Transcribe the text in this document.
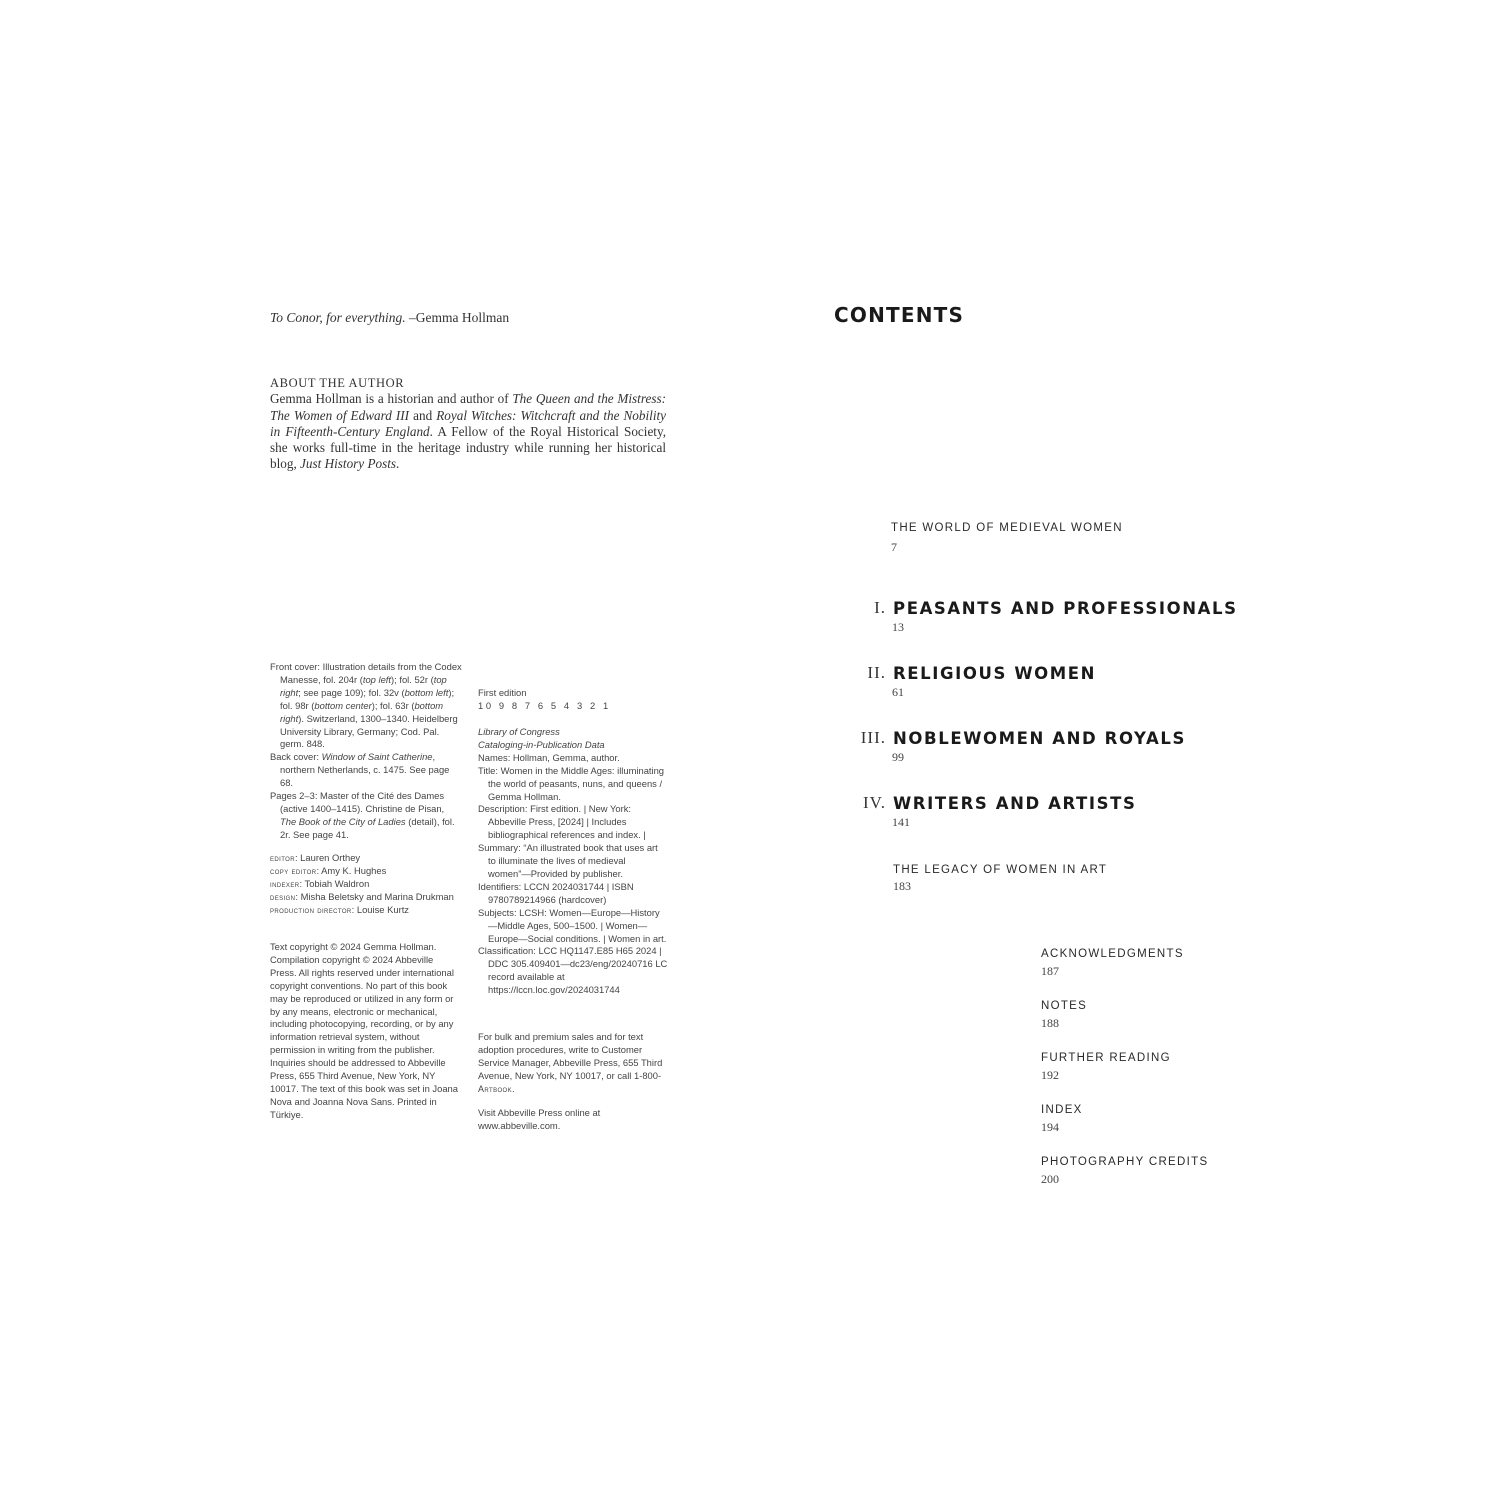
To Conor, for everything. –Gemma Hollman
ABOUT THE AUTHOR
Gemma Hollman is a historian and author of The Queen and the Mistress: The Women of Edward III and Royal Witches: Witchcraft and the Nobility in Fifteenth-Century England. A Fellow of the Royal Historical Society, she works full-time in the heritage industry while running her historical blog, Just History Posts.

Front cover: Illustration details from the Codex Manesse, fol. 204r (top left); fol. 52r (top right; see page 109); fol. 32v (bottom left); fol. 98r (bottom center); fol. 63r (bottom right). Switzerland, 1300–1340. Heidelberg University Library, Germany; Cod. Pal. germ. 848.

Back cover: Window of Saint Catherine, northern Netherlands, c. 1475. See page 68.

Pages 2–3: Master of the Cité des Dames (active 1400–1415). Christine de Pisan, The Book of the City of Ladies (detail), fol. 2r. See page 41.

editor: Lauren Orthey

copy editor: Amy K. Hughes

indexer: Tobiah Waldron

design: Misha Beletsky and Marina Drukman

production director: Louise Kurtz

Text copyright © 2024 Gemma Hollman. Compilation copyright © 2024 Abbeville Press. All rights reserved under international copyright conventions. No part of this book may be reproduced or utilized in any form or by any means, electronic or mechanical, including photocopying, recording, or by any information retrieval system, without permission in writing from the publisher. Inquiries should be addressed to Abbeville Press, 655 Third Avenue, New York, NY 10017. The text of this book was set in Joana Nova and Joanna Nova Sans. Printed in Türkiye.

First edition

10 9 8 7 6 5 4 3 2 1

Library of Congress

Cataloging-in-Publication Data

Names: Hollman, Gemma, author.

Title: Women in the Middle Ages: illuminating the world of peasants, nuns, and queens / Gemma Hollman.

Description: First edition. | New York: Abbeville Press, [2024] | Includes bibliographical references and index. |

Summary: “An illustrated book that uses art to illuminate the lives of medieval women”—Provided by publisher.

Identifiers: LCCN 2024031744 | ISBN 9780789214966 (hardcover)

Subjects: LCSH: Women—Europe—History—Middle Ages, 500–1500. | Women—Europe—Social conditions. | Women in art.

Classification: LCC HQ1147.E85 H65 2024 | DDC 305.409401—dc23/eng/20240716 LC record available at https://lccn.loc.gov/2024031744

For bulk and premium sales and for text adoption procedures, write to Customer Service Manager, Abbeville Press, 655 Third Avenue, New York, NY 10017, or call 1-800-Artbook.

Visit Abbeville Press online at www.abbeville.com.

CONTENTS
THE WORLD OF MEDIEVAL WOMEN
7
I. PEASANTS AND PROFESSIONALS
13
II. RELIGIOUS WOMEN
61
III. NOBLEWOMEN AND ROYALS
99
IV. WRITERS AND ARTISTS
141
THE LEGACY OF WOMEN IN ART
183
ACKNOWLEDGMENTS
187
NOTES
188
FURTHER READING
192
INDEX
194
PHOTOGRAPHY CREDITS
200
